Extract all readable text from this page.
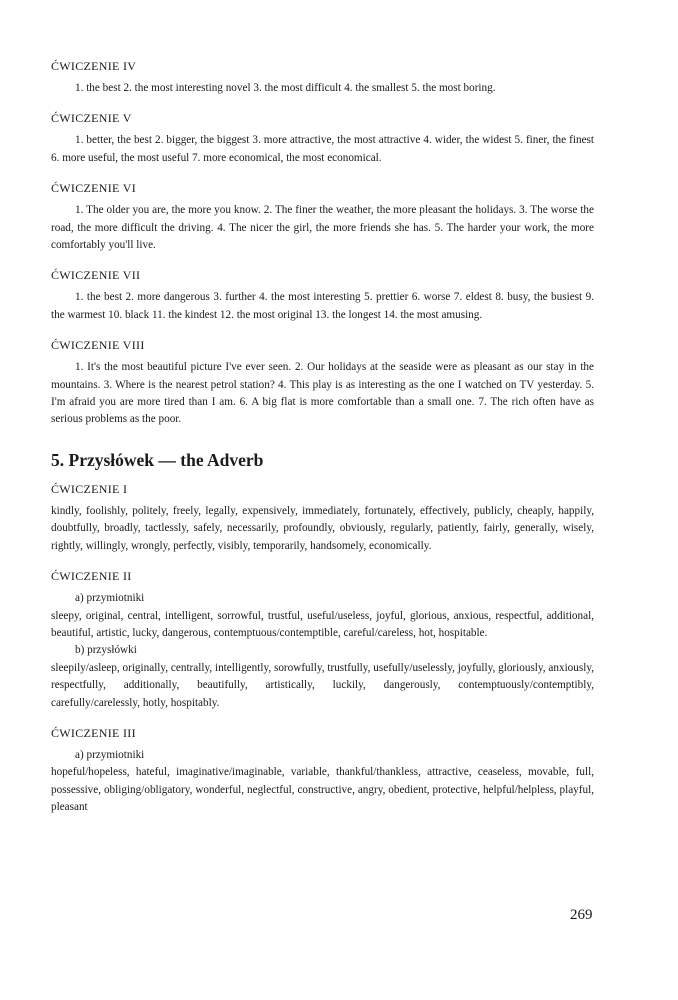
ĆWICZENIE IV

1. the best 2. the most interesting novel 3. the most difficult 4. the smallest 5. the most boring.

ĆWICZENIE V

1. better, the best 2. bigger, the biggest 3. more attractive, the most attractive 4. wider, the widest 5. finer, the finest 6. more useful, the most useful 7. more economical, the most economical.

ĆWICZENIE VI

1. The older you are, the more you know. 2. The finer the weather, the more pleasant the holidays. 3. The worse the road, the more difficult the driving. 4. The nicer the girl, the more friends she has. 5. The harder your work, the more comfortably you'll live.

ĆWICZENIE VII

1. the best 2. more dangerous 3. further 4. the most interesting 5. prettier 6. worse 7. eldest 8. busy, the busiest 9. the warmest 10. black 11. the kindest 12. the most original 13. the longest 14. the most amusing.

ĆWICZENIE VIII

1. It's the most beautiful picture I've ever seen. 2. Our holidays at the seaside were as pleasant as our stay in the mountains. 3. Where is the nearest petrol station? 4. This play is as interesting as the one I watched on TV yesterday. 5. I'm afraid you are more tired than I am. 6. A big flat is more comfortable than a small one. 7. The rich often have as serious problems as the poor.

5. Przysłówek — the Adverb
ĆWICZENIE I

kindly, foolishly, politely, freely, legally, expensively, immediately, fortunately, effectively, publicly, cheaply, happily, doubtfully, broadly, tactlessly, safely, necessarily, profoundly, obviously, regularly, patiently, fairly, generally, wisely, rightly, willingly, wrongly, perfectly, visibly, temporarily, handsomely, economically.

ĆWICZENIE II

a) przymiotniki

sleepy, original, central, intelligent, sorrowful, trustful, useful/useless, joyful, glorious, anxious, respectful, additional, beautiful, artistic, lucky, dangerous, contemptuous/contemptible, careful/careless, hot, hospitable.

b) przysłówki

sleepily/asleep, originally, centrally, intelligently, sorowfully, trustfully, usefully/uselessly, joyfully, gloriously, anxiously, respectfully, additionally, beautifully, artistically, luckily, dangerously, contemptuously/contemptibly, carefully/carelessly, hotly, hospitably.

ĆWICZENIE III

a) przymiotniki

hopeful/hopeless, hateful, imaginative/imaginable, variable, thankful/thankless, attractive, ceaseless, movable, full, possessive, obliging/obligatory, wonderful, neglectful, constructive, angry, obedient, protective, helpful/helpless, playful, pleasant

269
